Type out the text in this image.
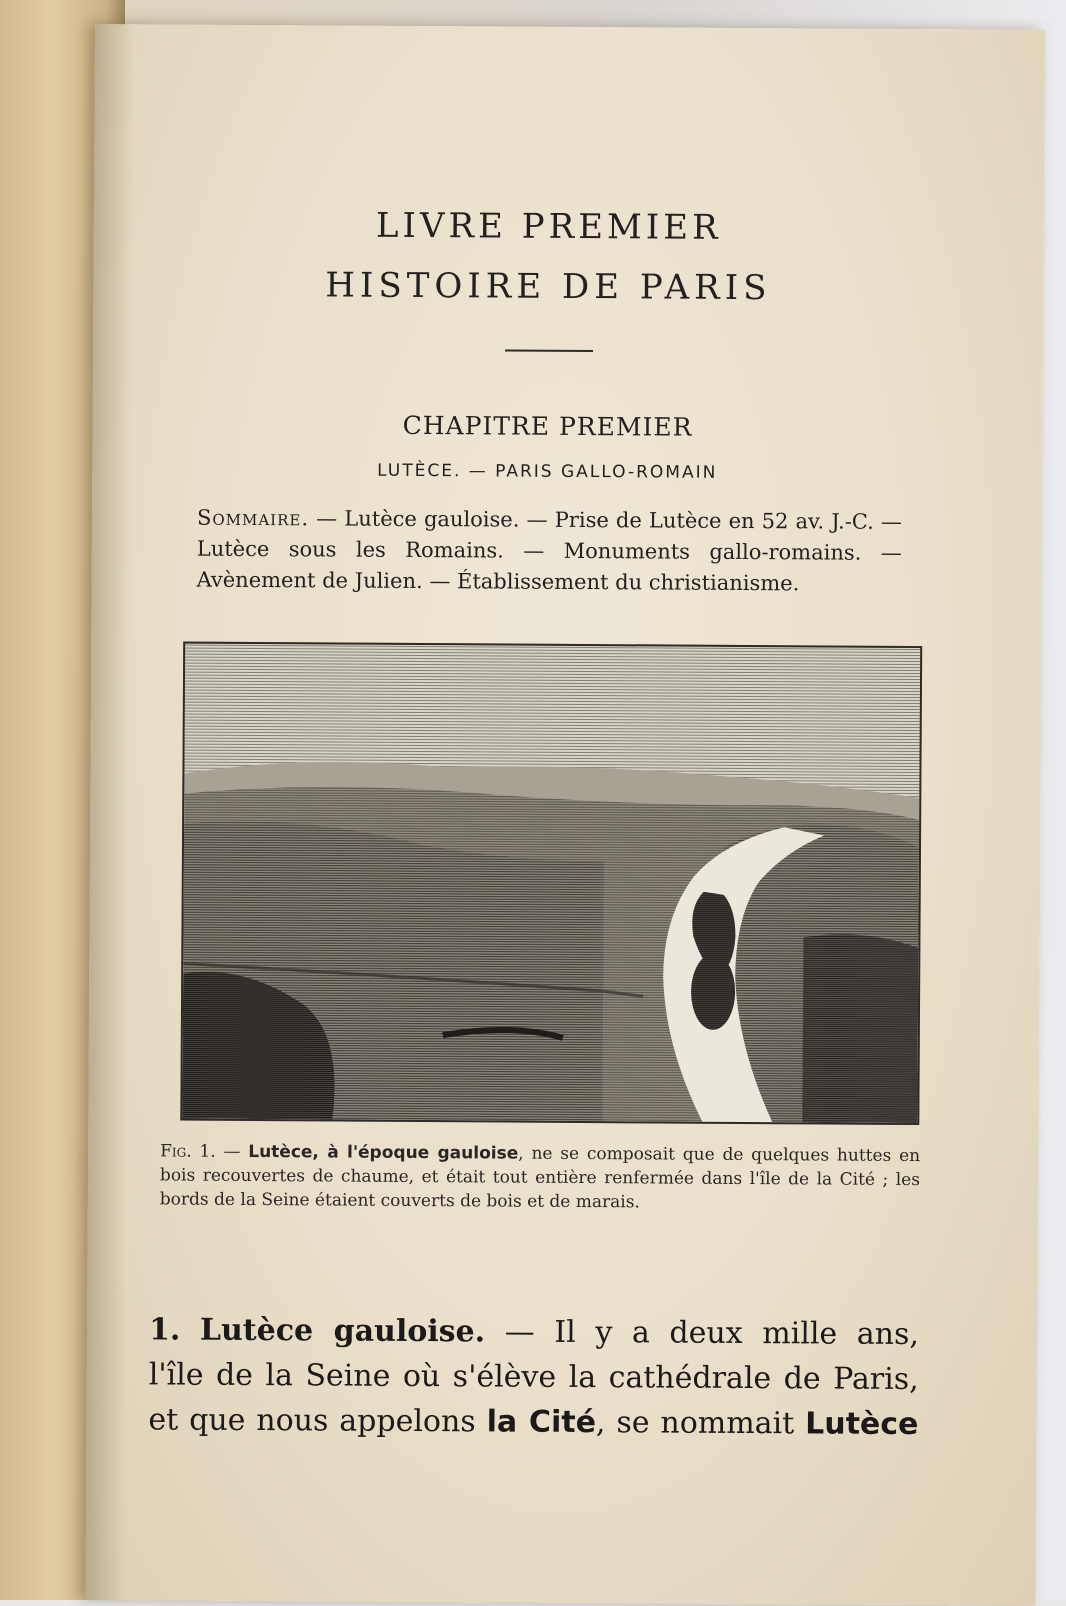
LIVRE PREMIER
HISTOIRE DE PARIS
CHAPITRE PREMIER
LUTÈCE. — PARIS GALLO-ROMAIN
Sommaire. — Lutèce gauloise. — Prise de Lutèce en 52 av. J.-C. — Lutèce sous les Romains. — Monuments gallo-romains. — Avènement de Julien. — Établissement du christianisme.
Guerlet
Fig. 1. — Lutèce, à l'époque gauloise, ne se composait que de quelques huttes en bois recouvertes de chaume, et était tout entière renfermée dans l'île de la Cité ; les bords de la Seine étaient couverts de bois et de marais.
1. Lutèce gauloise. — Il y a deux mille ans,
l'île de la Seine où s'élève la cathédrale de Paris,
et que nous appelons la Cité, se nommait Lutèce
